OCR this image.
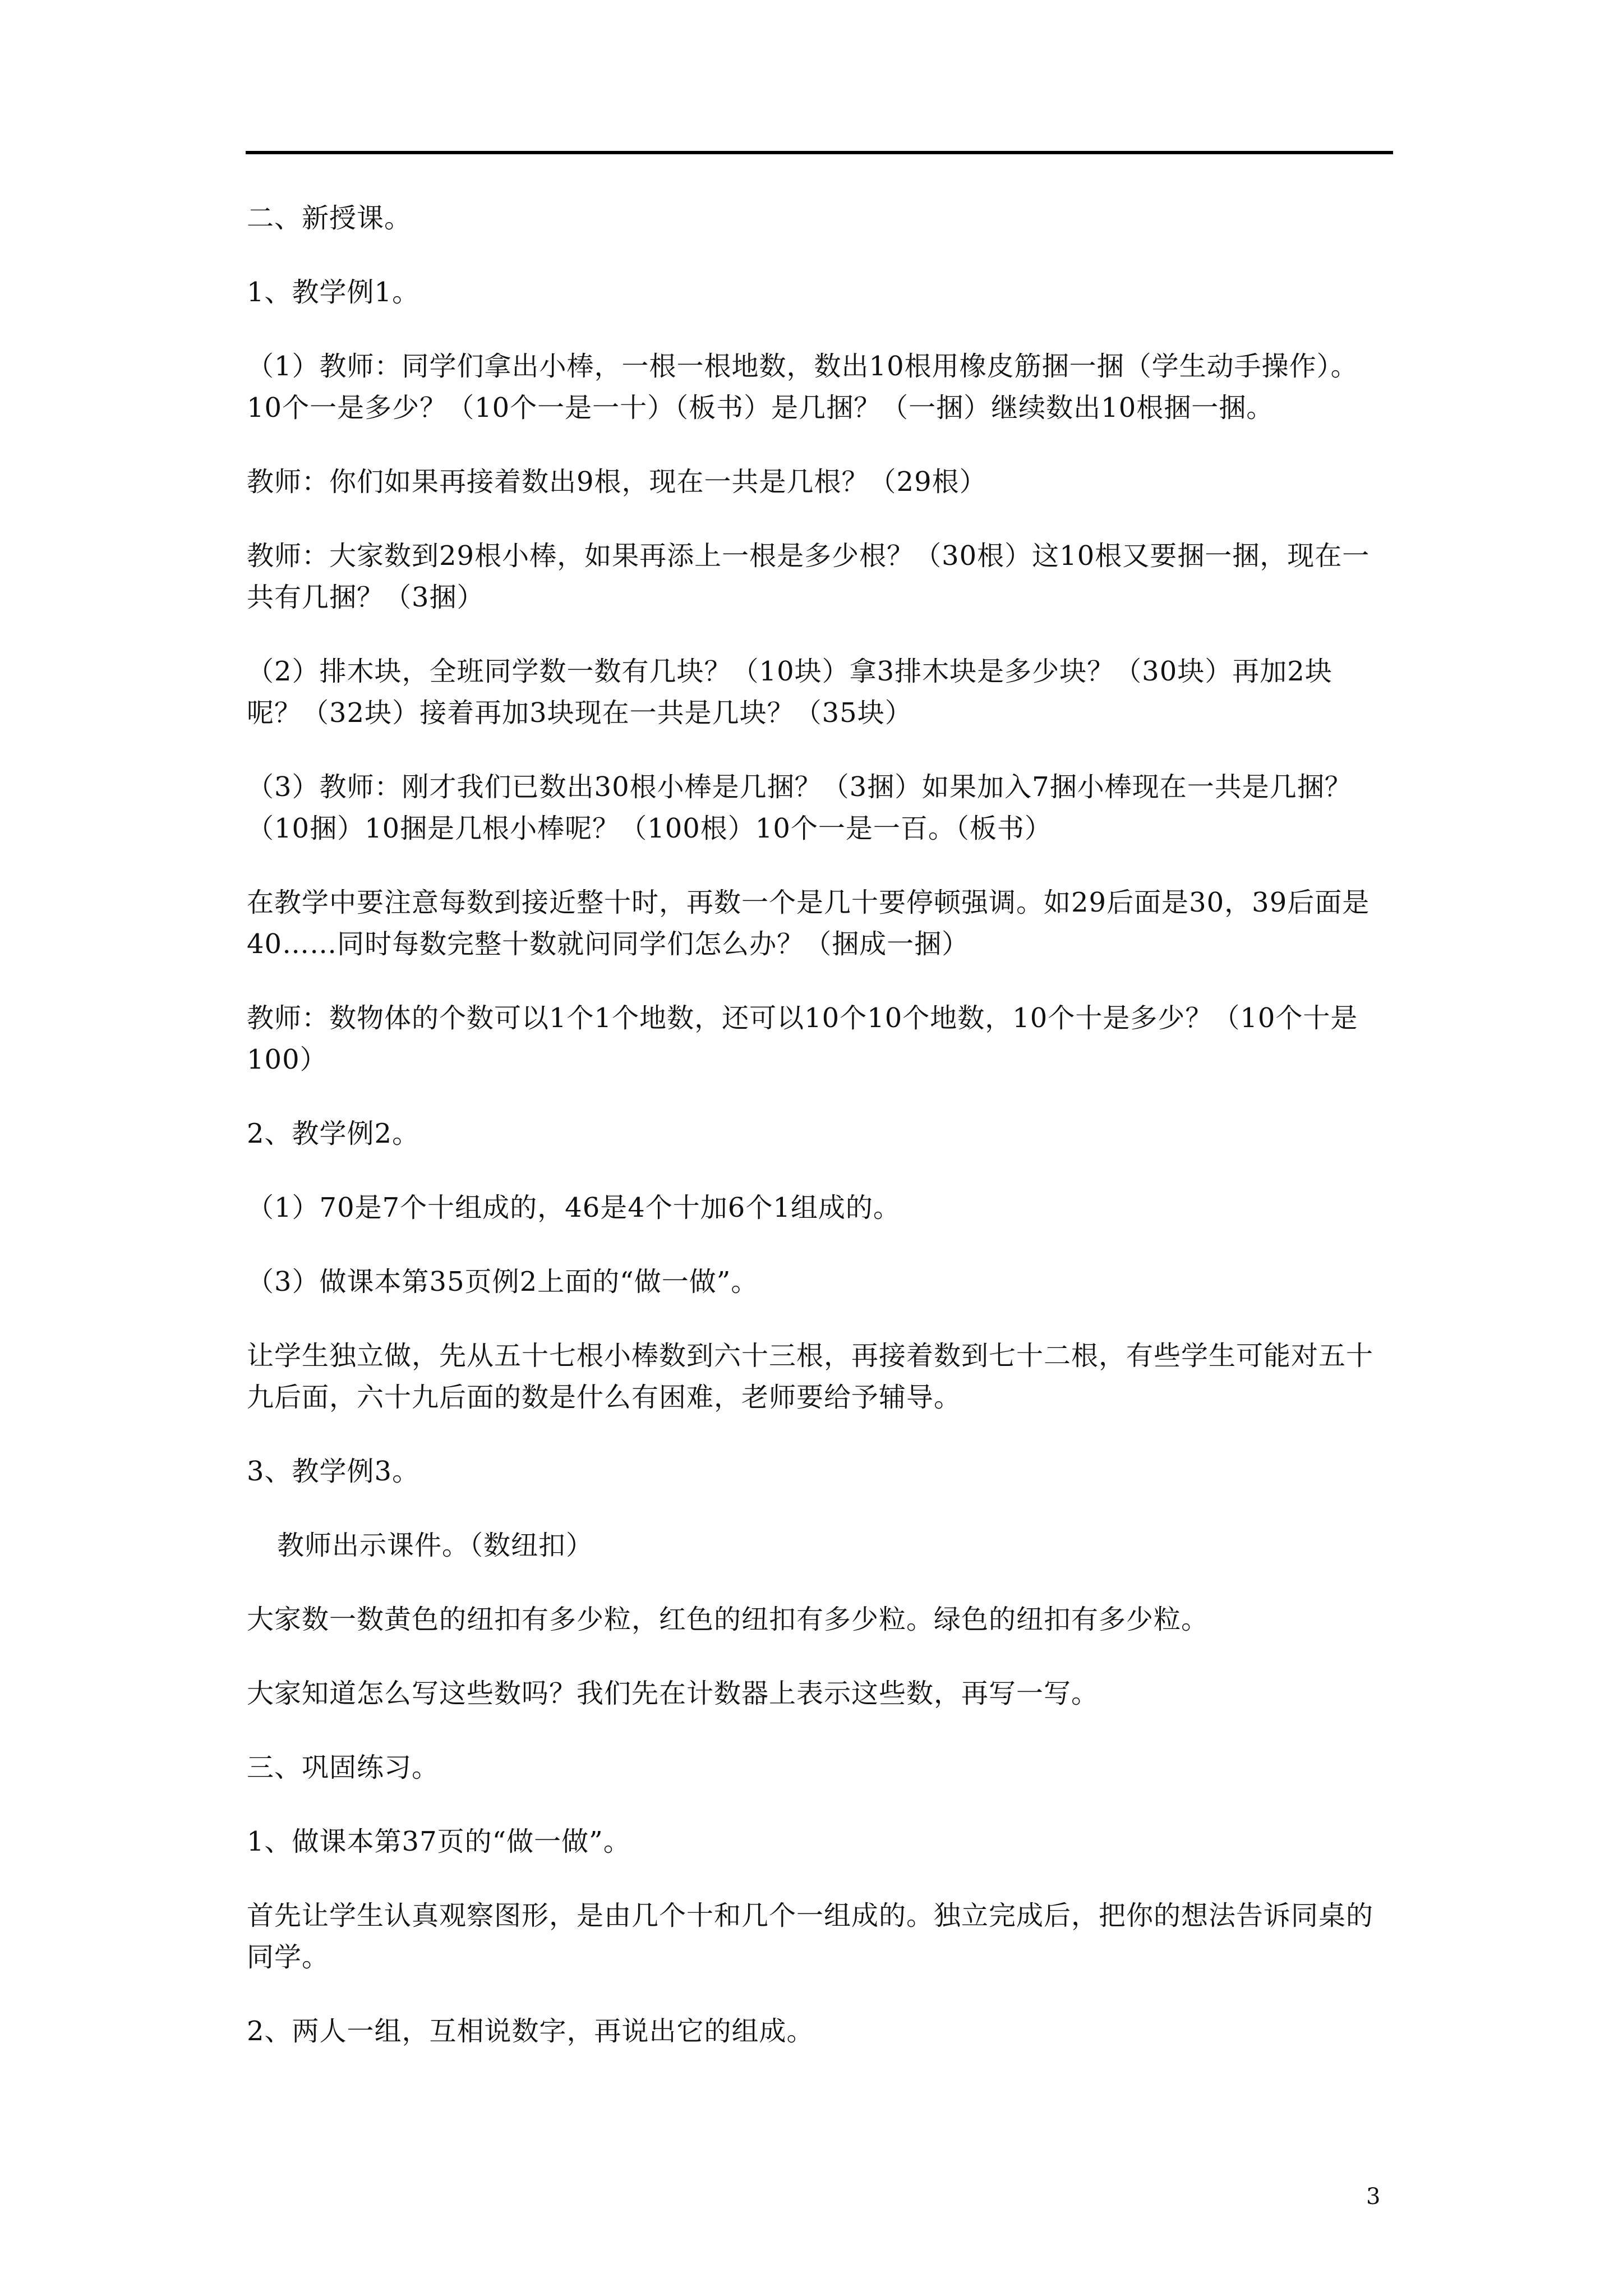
二、新授课。

1、教学例1。

（1）教师：同学们拿出小棒，一根一根地数，数出10根用橡皮筋捆一捆（学生动手操作）。10个一是多少？（10个一是一十）（板书）是几捆？（一捆）继续数出10根捆一捆。

教师：你们如果再接着数出9根，现在一共是几根？（29根）

教师：大家数到29根小棒，如果再添上一根是多少根？（30根）这10根又要捆一捆，现在一共有几捆？（3捆）

（2）排木块，全班同学数一数有几块？（10块）拿3排木块是多少块？（30块）再加2块呢？（32块）接着再加3块现在一共是几块？（35块）

（3）教师：刚才我们已数出30根小棒是几捆？（3捆）如果加入7捆小棒现在一共是几捆？（10捆）10捆是几根小棒呢？（100根）10个一是一百。（板书）

在教学中要注意每数到接近整十时，再数一个是几十要停顿强调。如29后面是30，39后面是40……同时每数完整十数就问同学们怎么办？（捆成一捆）

教师：数物体的个数可以1个1个地数，还可以10个10个地数，10个十是多少？（10个十是100）

2、教学例2。

（1）70是7个十组成的，46是4个十加6个1组成的。

（3）做课本第35页例2上面的“做一做”。

让学生独立做，先从五十七根小棒数到六十三根，再接着数到七十二根，有些学生可能对五十九后面，六十九后面的数是什么有困难，老师要给予辅导。

3、教学例3。

教师出示课件。（数纽扣）

大家数一数黄色的纽扣有多少粒，红色的纽扣有多少粒。绿色的纽扣有多少粒。

大家知道怎么写这些数吗？我们先在计数器上表示这些数，再写一写。

三、巩固练习。

1、做课本第37页的“做一做”。

首先让学生认真观察图形，是由几个十和几个一组成的。独立完成后，把你的想法告诉同桌的同学。

2、两人一组，互相说数字，再说出它的组成。

3
